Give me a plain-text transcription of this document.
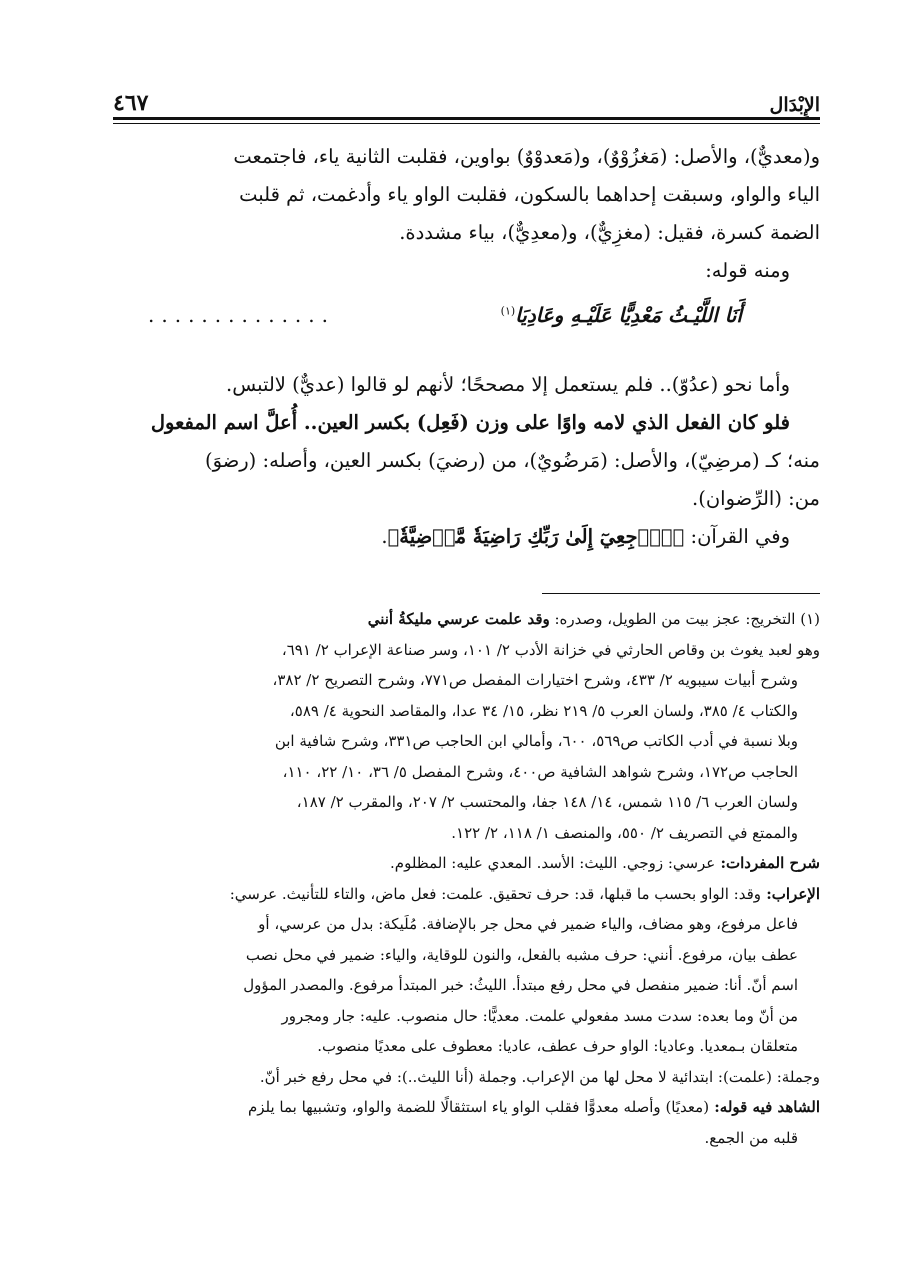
الإِبْدَال
٤٦٧

و(معديٌّ)، والأصل: (مَغزُوْوٌ)، و(مَعدوْوٌ) بواوين، فقلبت الثانية ياء، فاجتمعت

الياء والواو، وسبقت إحداهما بالسكون، فقلبت الواو ياء وأدغمت، ثم قلبت

الضمة كسرة، فقيل: (مغزِيٌّ)، و(معدِيٌّ)، بياء مشددة.

ومنه قوله:

أَنَا اللَّيْـثُ مَعْدِيًّا عَلَيْـهِ وعَادِيَا$^{(١)}$
..............

وأما نحو (عدُوّ).. فلم يستعمل إلا مصححًا؛ لأنهم لو قالوا (عديٌّ) لالتبس.

فلو كان الفعل الذي لامه واوًا على وزن (فَعِل) بكسر العين.. أُعلَّ اسم المفعول

منه؛ كـ (مرضِيّ)، والأصل: (مَرضُويٌ)، من (رضيَ) بكسر العين، وأصله: (رضوَ)

من: (الرِّضوان).

وفي القرآن: ﴿ٱرۡجِعِيٓ إِلَىٰ رَبِّكِ رَاضِيَةٗ مَّرۡضِيَّةٗ﴾.

(١) التخريج: عجز بيت من الطويل، وصدره: وقد علمت عرسي مليكةُ أنني

وهو لعبد يغوث بن وقاص الحارثي في خزانة الأدب ٢/ ١٠١، وسر صناعة الإعراب ٢/ ٦٩١،

وشرح أبيات سيبويه ٢/ ٤٣٣، وشرح اختيارات المفصل ص٧٧١، وشرح التصريح ٢/ ٣٨٢،

والكتاب ٤/ ٣٨٥، ولسان العرب ٥/ ٢١٩ نظر، ١٥/ ٣٤ عدا، والمقاصد النحوية ٤/ ٥٨٩،

وبلا نسبة في أدب الكاتب ص٥٦٩، ٦٠٠، وأمالي ابن الحاجب ص٣٣١، وشرح شافية ابن

الحاجب ص١٧٢، وشرح شواهد الشافية ص٤٠٠، وشرح المفصل ٥/ ٣٦، ١٠/ ٢٢، ١١٠،

ولسان العرب ٦/ ١١٥ شمس، ١٤/ ١٤٨ جفا، والمحتسب ٢/ ٢٠٧، والمقرب ٢/ ١٨٧،

والممتع في التصريف ٢/ ٥٥٠، والمنصف ١/ ١١٨، ٢/ ١٢٢.

شرح المفردات: عرسي: زوجي. الليث: الأسد. المعدي عليه: المظلوم.

الإعراب: وقد: الواو بحسب ما قبلها، قد: حرف تحقيق. علمت: فعل ماض، والتاء للتأنيث. عرسي:

فاعل مرفوع، وهو مضاف، والياء ضمير في محل جر بالإضافة. مُلَيكة: بدل من عرسي، أو

عطف بيان، مرفوع. أنني: حرف مشبه بالفعل، والنون للوقاية، والياء: ضمير في محل نصب

اسم أنّ. أنا: ضمير منفصل في محل رفع مبتدأ. الليثُ: خبر المبتدأ مرفوع. والمصدر المؤول

من أنّ وما بعده: سدت مسد مفعولي علمت. معديًّا: حال منصوب. عليه: جار ومجرور

متعلقان بـمعديا. وعاديا: الواو حرف عطف، عاديا: معطوف على معديًا منصوب.

وجملة: (علمت): ابتدائية لا محل لها من الإعراب. وجملة (أنا الليث..): في محل رفع خبر أنّ.

الشاهد فيه قوله: (معديًا) وأصله معدوًّا فقلب الواو ياء استثقالًا للضمة والواو، وتشبيها بما يلزم

قلبه من الجمع.
